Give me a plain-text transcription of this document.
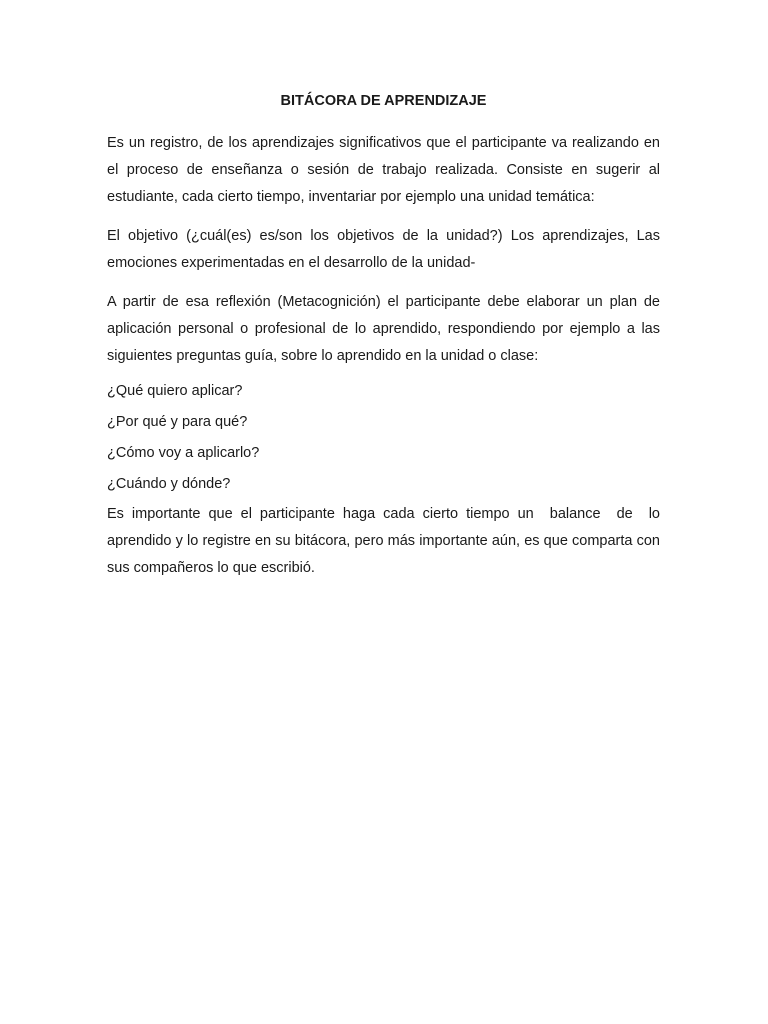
BITÁCORA DE APRENDIZAJE

Es un registro, de los aprendizajes significativos que el participante va realizando en el proceso de enseñanza o sesión de trabajo realizada. Consiste en sugerir al estudiante, cada cierto tiempo, inventariar por ejemplo una unidad temática:

El objetivo (¿cuál(es) es/son los objetivos de la unidad?) Los aprendizajes, Las emociones experimentadas en el desarrollo de la unidad-

A partir de esa reflexión (Metacognición) el participante debe elaborar un plan de aplicación personal o profesional de lo aprendido, respondiendo por ejemplo a las siguientes preguntas guía, sobre lo aprendido en la unidad o clase:

¿Qué quiero aplicar?

¿Por qué y para qué?

¿Cómo voy a aplicarlo?

¿Cuándo y dónde?

Es importante que el participante haga cada cierto tiempo un  balance  de  lo aprendido y lo registre en su bitácora, pero más importante aún, es que comparta con sus compañeros lo que escribió.
